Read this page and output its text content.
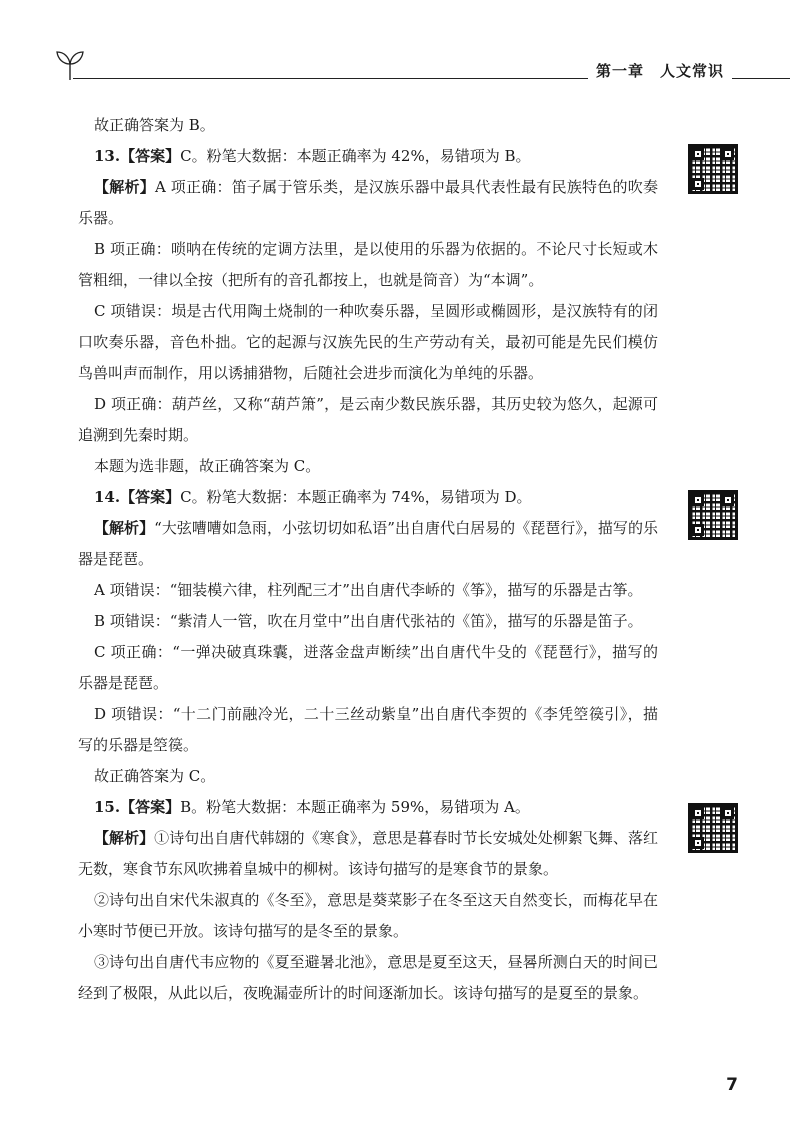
第一章　人文常识

故正确答案为 B。

13.【答案】C。粉笔大数据：本题正确率为 42%，易错项为 B。

【解析】A 项正确：笛子属于管乐类，是汉族乐器中最具代表性最有民族特色的吹奏乐器。

B 项正确：唢呐在传统的定调方法里，是以使用的乐器为依据的。不论尺寸长短或木管粗细，一律以全按（把所有的音孔都按上，也就是筒音）为“本调”。

C 项错误：埙是古代用陶土烧制的一种吹奏乐器，呈圆形或椭圆形，是汉族特有的闭口吹奏乐器，音色朴拙。它的起源与汉族先民的生产劳动有关，最初可能是先民们模仿鸟兽叫声而制作，用以诱捕猎物，后随社会进步而演化为单纯的乐器。

D 项正确：葫芦丝，又称“葫芦箫”，是云南少数民族乐器，其历史较为悠久，起源可追溯到先秦时期。

本题为选非题，故正确答案为 C。

14.【答案】C。粉笔大数据：本题正确率为 74%，易错项为 D。

【解析】“大弦嘈嘈如急雨，小弦切切如私语”出自唐代白居易的《琵琶行》，描写的乐器是琵琶。

A 项错误：“钿装模六律，柱列配三才”出自唐代李峤的《筝》，描写的乐器是古筝。

B 项错误：“紫清人一管，吹在月堂中”出自唐代张祜的《笛》，描写的乐器是笛子。

C 项正确：“一弹决破真珠囊，迸落金盘声断续”出自唐代牛殳的《琵琶行》，描写的乐器是琵琶。

D 项错误：“十二门前融冷光，二十三丝动紫皇”出自唐代李贺的《李凭箜篌引》，描写的乐器是箜篌。

故正确答案为 C。

15.【答案】B。粉笔大数据：本题正确率为 59%，易错项为 A。

【解析】①诗句出自唐代韩翃的《寒食》，意思是暮春时节长安城处处柳絮飞舞、落红无数，寒食节东风吹拂着皇城中的柳树。该诗句描写的是寒食节的景象。

②诗句出自宋代朱淑真的《冬至》，意思是葵菜影子在冬至这天自然变长，而梅花早在小寒时节便已开放。该诗句描写的是冬至的景象。

③诗句出自唐代韦应物的《夏至避暑北池》，意思是夏至这天，昼晷所测白天的时间已经到了极限，从此以后，夜晚漏壶所计的时间逐渐加长。该诗句描写的是夏至的景象。

7
